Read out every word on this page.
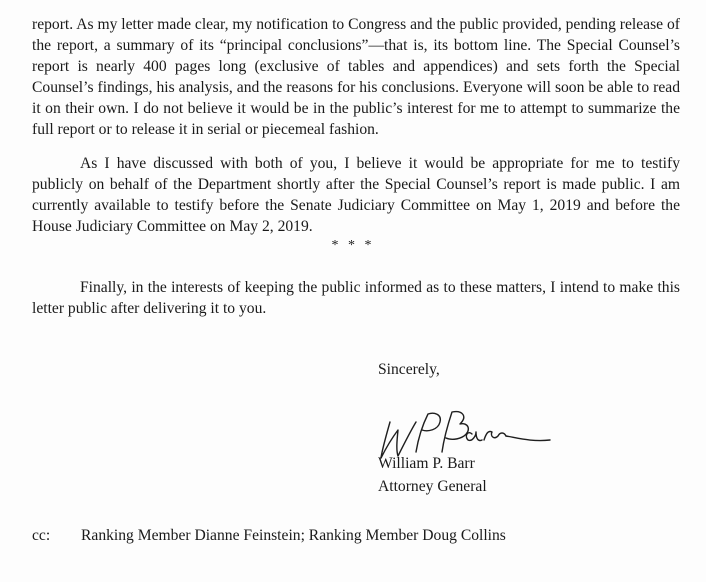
report. As my letter made clear, my notification to Congress and the public provided, pending release of the report, a summary of its “principal conclusions”—that is, its bottom line. The Special Counsel’s report is nearly 400 pages long (exclusive of tables and appendices) and sets forth the Special Counsel’s findings, his analysis, and the reasons for his conclusions. Everyone will soon be able to read it on their own. I do not believe it would be in the public’s interest for me to attempt to summarize the full report or to release it in serial or piecemeal fashion.

As I have discussed with both of you, I believe it would be appropriate for me to testify publicly on behalf of the Department shortly after the Special Counsel’s report is made public. I am currently available to testify before the Senate Judiciary Committee on May 1, 2019 and before the House Judiciary Committee on May 2, 2019.

* * *

Finally, in the interests of keeping the public informed as to these matters, I intend to make this letter public after delivering it to you.

Sincerely,

William P. Barr

Attorney General

cc: Ranking Member Dianne Feinstein; Ranking Member Doug Collins
